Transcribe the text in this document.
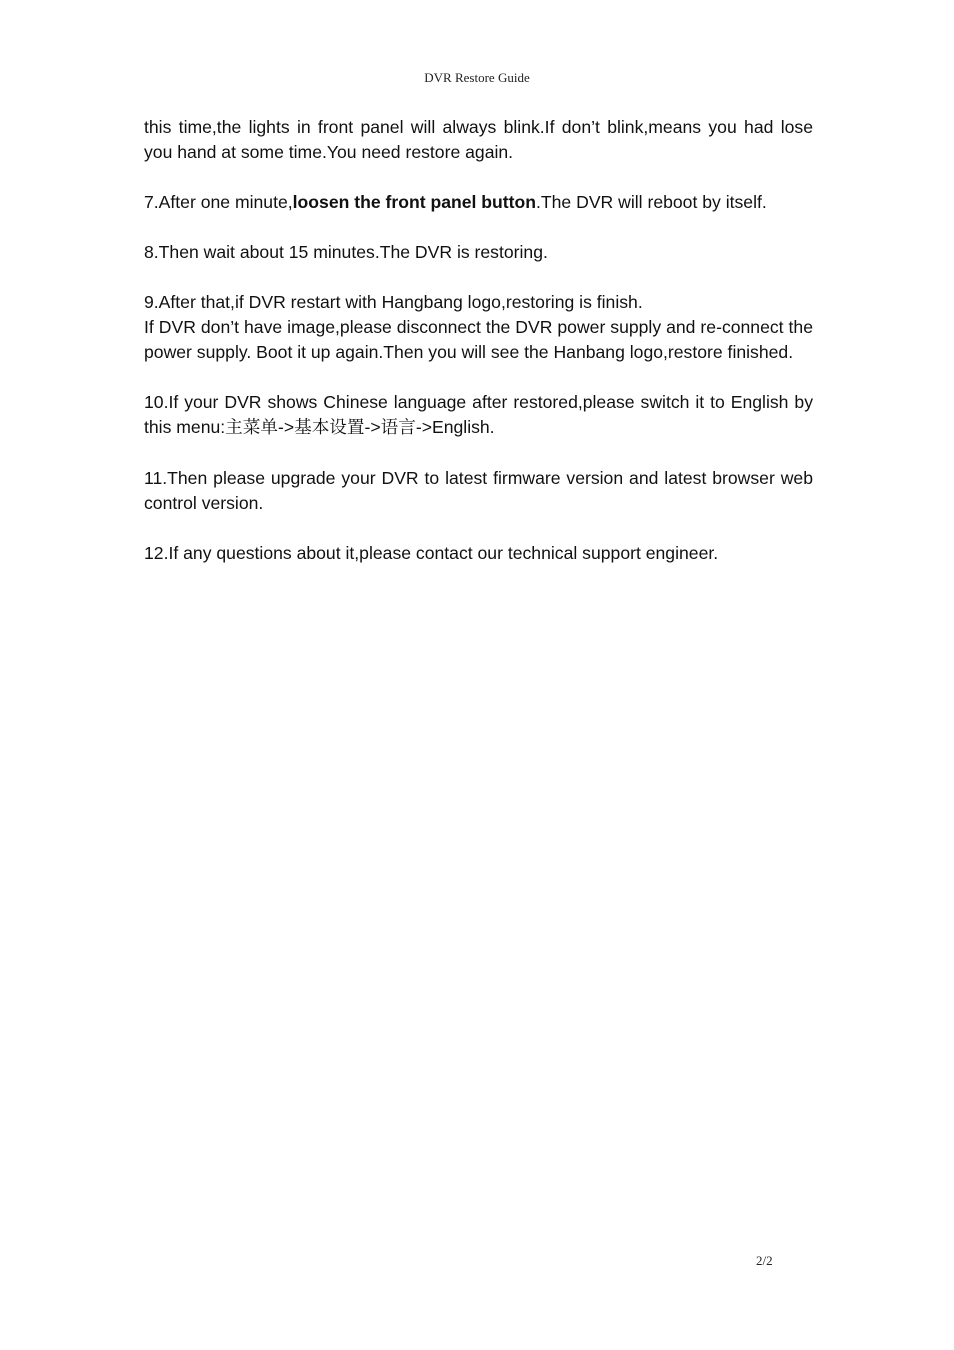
DVR Restore Guide

this time,the lights in front panel will always blink.If don’t blink,means you had lose you hand at some time.You need restore again.

7.After one minute,loosen the front panel button.The DVR will reboot by itself.

8.Then wait about 15 minutes.The DVR is restoring.

9.After that,if DVR restart with Hangbang logo,restoring is finish.

If DVR don’t have image,please disconnect the DVR power supply and re-connect the power supply. Boot it up again.Then you will see the Hanbang logo,restore finished.

10.If your DVR shows Chinese language after restored,please switch it to English by this menu:主菜单->基本设置->语言->English.

11.Then please upgrade your DVR to latest firmware version and latest browser web control version.

12.If any questions about it,please contact our technical support engineer.

2/2
